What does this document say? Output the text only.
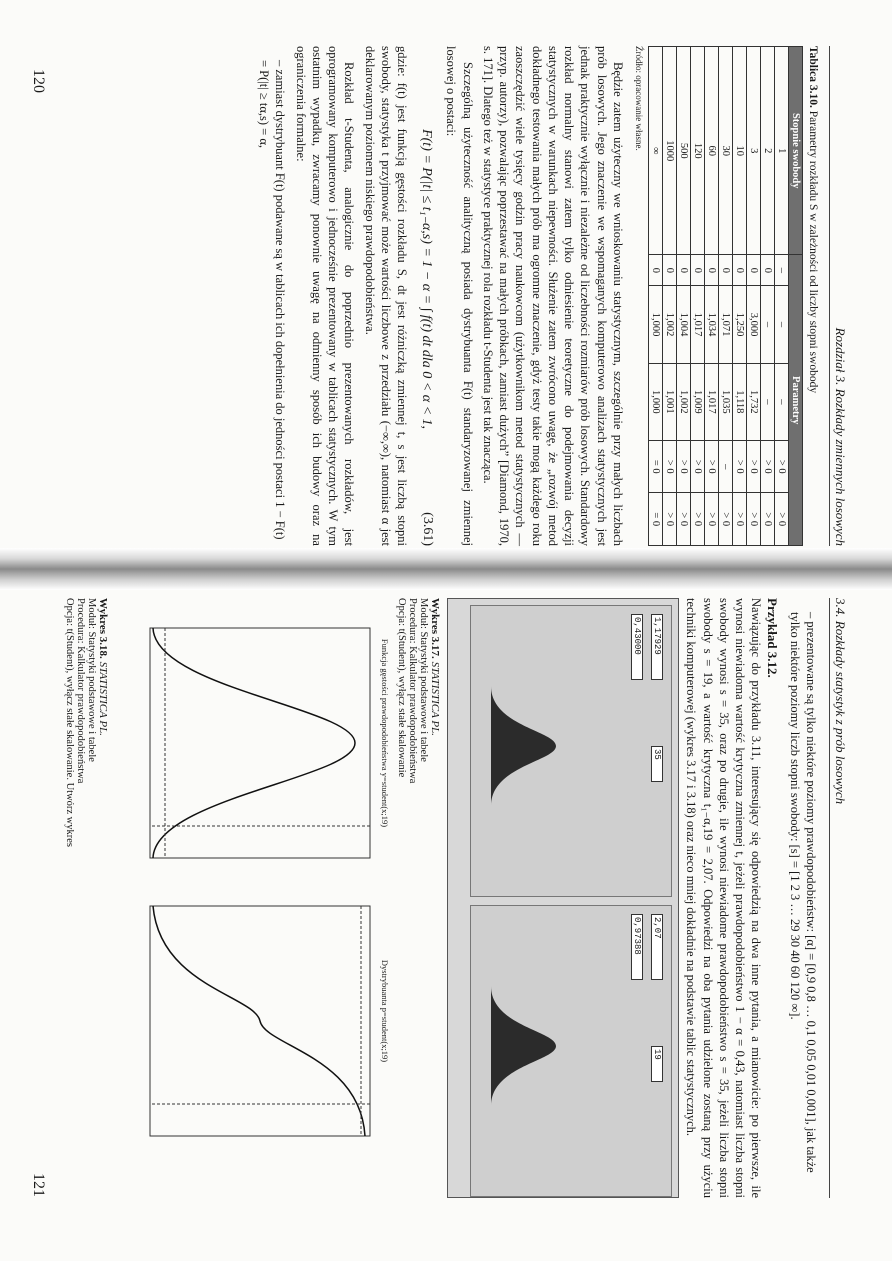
120
121
Rozdział 3. Rozkłady zmiennych losowych
Tablica 3.10. Parametry rozkładu S w zależności od liczby stopni swobody
Stopnie swobody	Parametry				
1	–	–	–	> 0	> 0
2	0	–	–	> 0	> 0
3	0	3,000	1,732	> 0	> 0
10	0	1,250	1,118	> 0	> 0
30	0	1,071	1,035	–	> 0
60	0	1,034	1,017	> 0	> 0
120	0	1,017	1,009	> 0	> 0
500	0	1,004	1,002	> 0	> 0
1000	0	1,002	1,001	> 0	> 0
∞	0	1,000	1,000	= 0	= 0
Źródło: opracowanie własne.

Będzie zatem użyteczny we wnioskowaniu statystycznym, szczególnie przy małych liczbach prób losowych. Jego znaczenie we wspomaganych komputerowo analizach statystycznych jest jednak praktycznie wyłącznie i niezależne od liczebności rozmiarów prób losowych. Standardowy rozkład normalny stanowi zatem tylko odniesienie teoretyczne do podejmowania decyzji statystycznych w warunkach niepewności. Służenie zatem zwrócono uwagę, że „rozwój metod dokładnego testowania małych prób ma ogromne znaczenie, gdyż testy takie mogą każdego roku zaoszczędzić wiele tysięcy godzin pracy naukowcom (użytkownikom metod statystycznych — przyp. autorzy), pozwalając poprzestawać na małych próbkach, zamiast dużych” [Diamond, 1970, s. 171]. Dlatego też w statystyce praktycznej rola rozkładu t-Studenta jest tak znacząca.

Szczególną użyteczność analityczną posiada dystrybuanta F(t) standaryzowanej zmiennej losowej o postaci:

F(t) = P(|t| ≤ t₁₋α,s) = 1 − α = ∫ f(t) dt dla 0 < α < 1,
(3.61)

gdzie: f(t) jest funkcją gęstości rozkładu S, dt jest różniczką zmiennej t, s jest liczbą stopni swobody, statystyka t przyjmować może wartości liczbowe z przedziału (−∞,∞), natomiast α jest deklarowanym poziomem niskiego prawdopodobieństwa.

Rozkład t-Studenta, analogicznie do poprzednio prezentowanych rozkładów, jest oprogramowany komputerowo i jednocześnie prezentowany w tablicach statystycznych. W tym ostatnim wypadku, zwracamy ponownie uwagę na odmienny sposób ich budowy oraz na ograniczenia formalne:

– zamiast dystrybuant F(t) podawane są w tablicach ich dopełnienia do jedności postaci 1 − F(t) = P(|t| ≥ tα,s) = α,

3.4. Rozkłady statystyk z prób losowych

– prezentowane są tylko niektóre poziomy prawdopodobieństw: [α] = [0,9 0,8 … 0,1 0,05 0,01 0,001], jak także tylko niektóre poziomy liczb stopni swobody: [s] = [1 2 3 … 29 30 40 60 120 ∞].

Przykład 3.12.

Nawiązując do przykładu 3.11, interesujący się odpowiedzią na dwa inne pytania, a mianowicie: po pierwsze, ile wynosi niewiadoma wartość krytyczna zmiennej t, jeżeli prawdopodobieństwo 1 − α = 0,43, natomiast liczba stopni swobody wynosi s = 35, oraz po drugie, ile wynosi niewiadome prawdopodobieństwo s = 35, jeżeli liczba stopni swobody s = 19, a wartość krytyczna t₁₋α,19 = 2,07. Odpowiedzi na oba pytania udzielone zostaną przy użyciu techniki komputerowej (wykres 3.17 i 3.18) oraz nieco mniej dokładnie na podstawie tablic statystycznych.

1,17929
0,43000
35
2,07
0,97388
19
Wykres 3.17. STATISTICA PL.
Moduł: Statystyki podstawowe i tabele
Procedura: Kalkulator prawdopodobieństwa
Opcja: t(Student), wyłącz stałe skalowanie
Funkcja gęstości prawdopodobieństwa y=student(x;19)
Dystrybuanta p=student(x;19)
Wykres 3.18. STATISTICA PL.
Moduł: Statystyki podstawowe i tabele
Procedura: Kalkulator prawdopodobieństwa
Opcja: t(Student), wyłącz stałe skalowanie. Utwórz wykres
